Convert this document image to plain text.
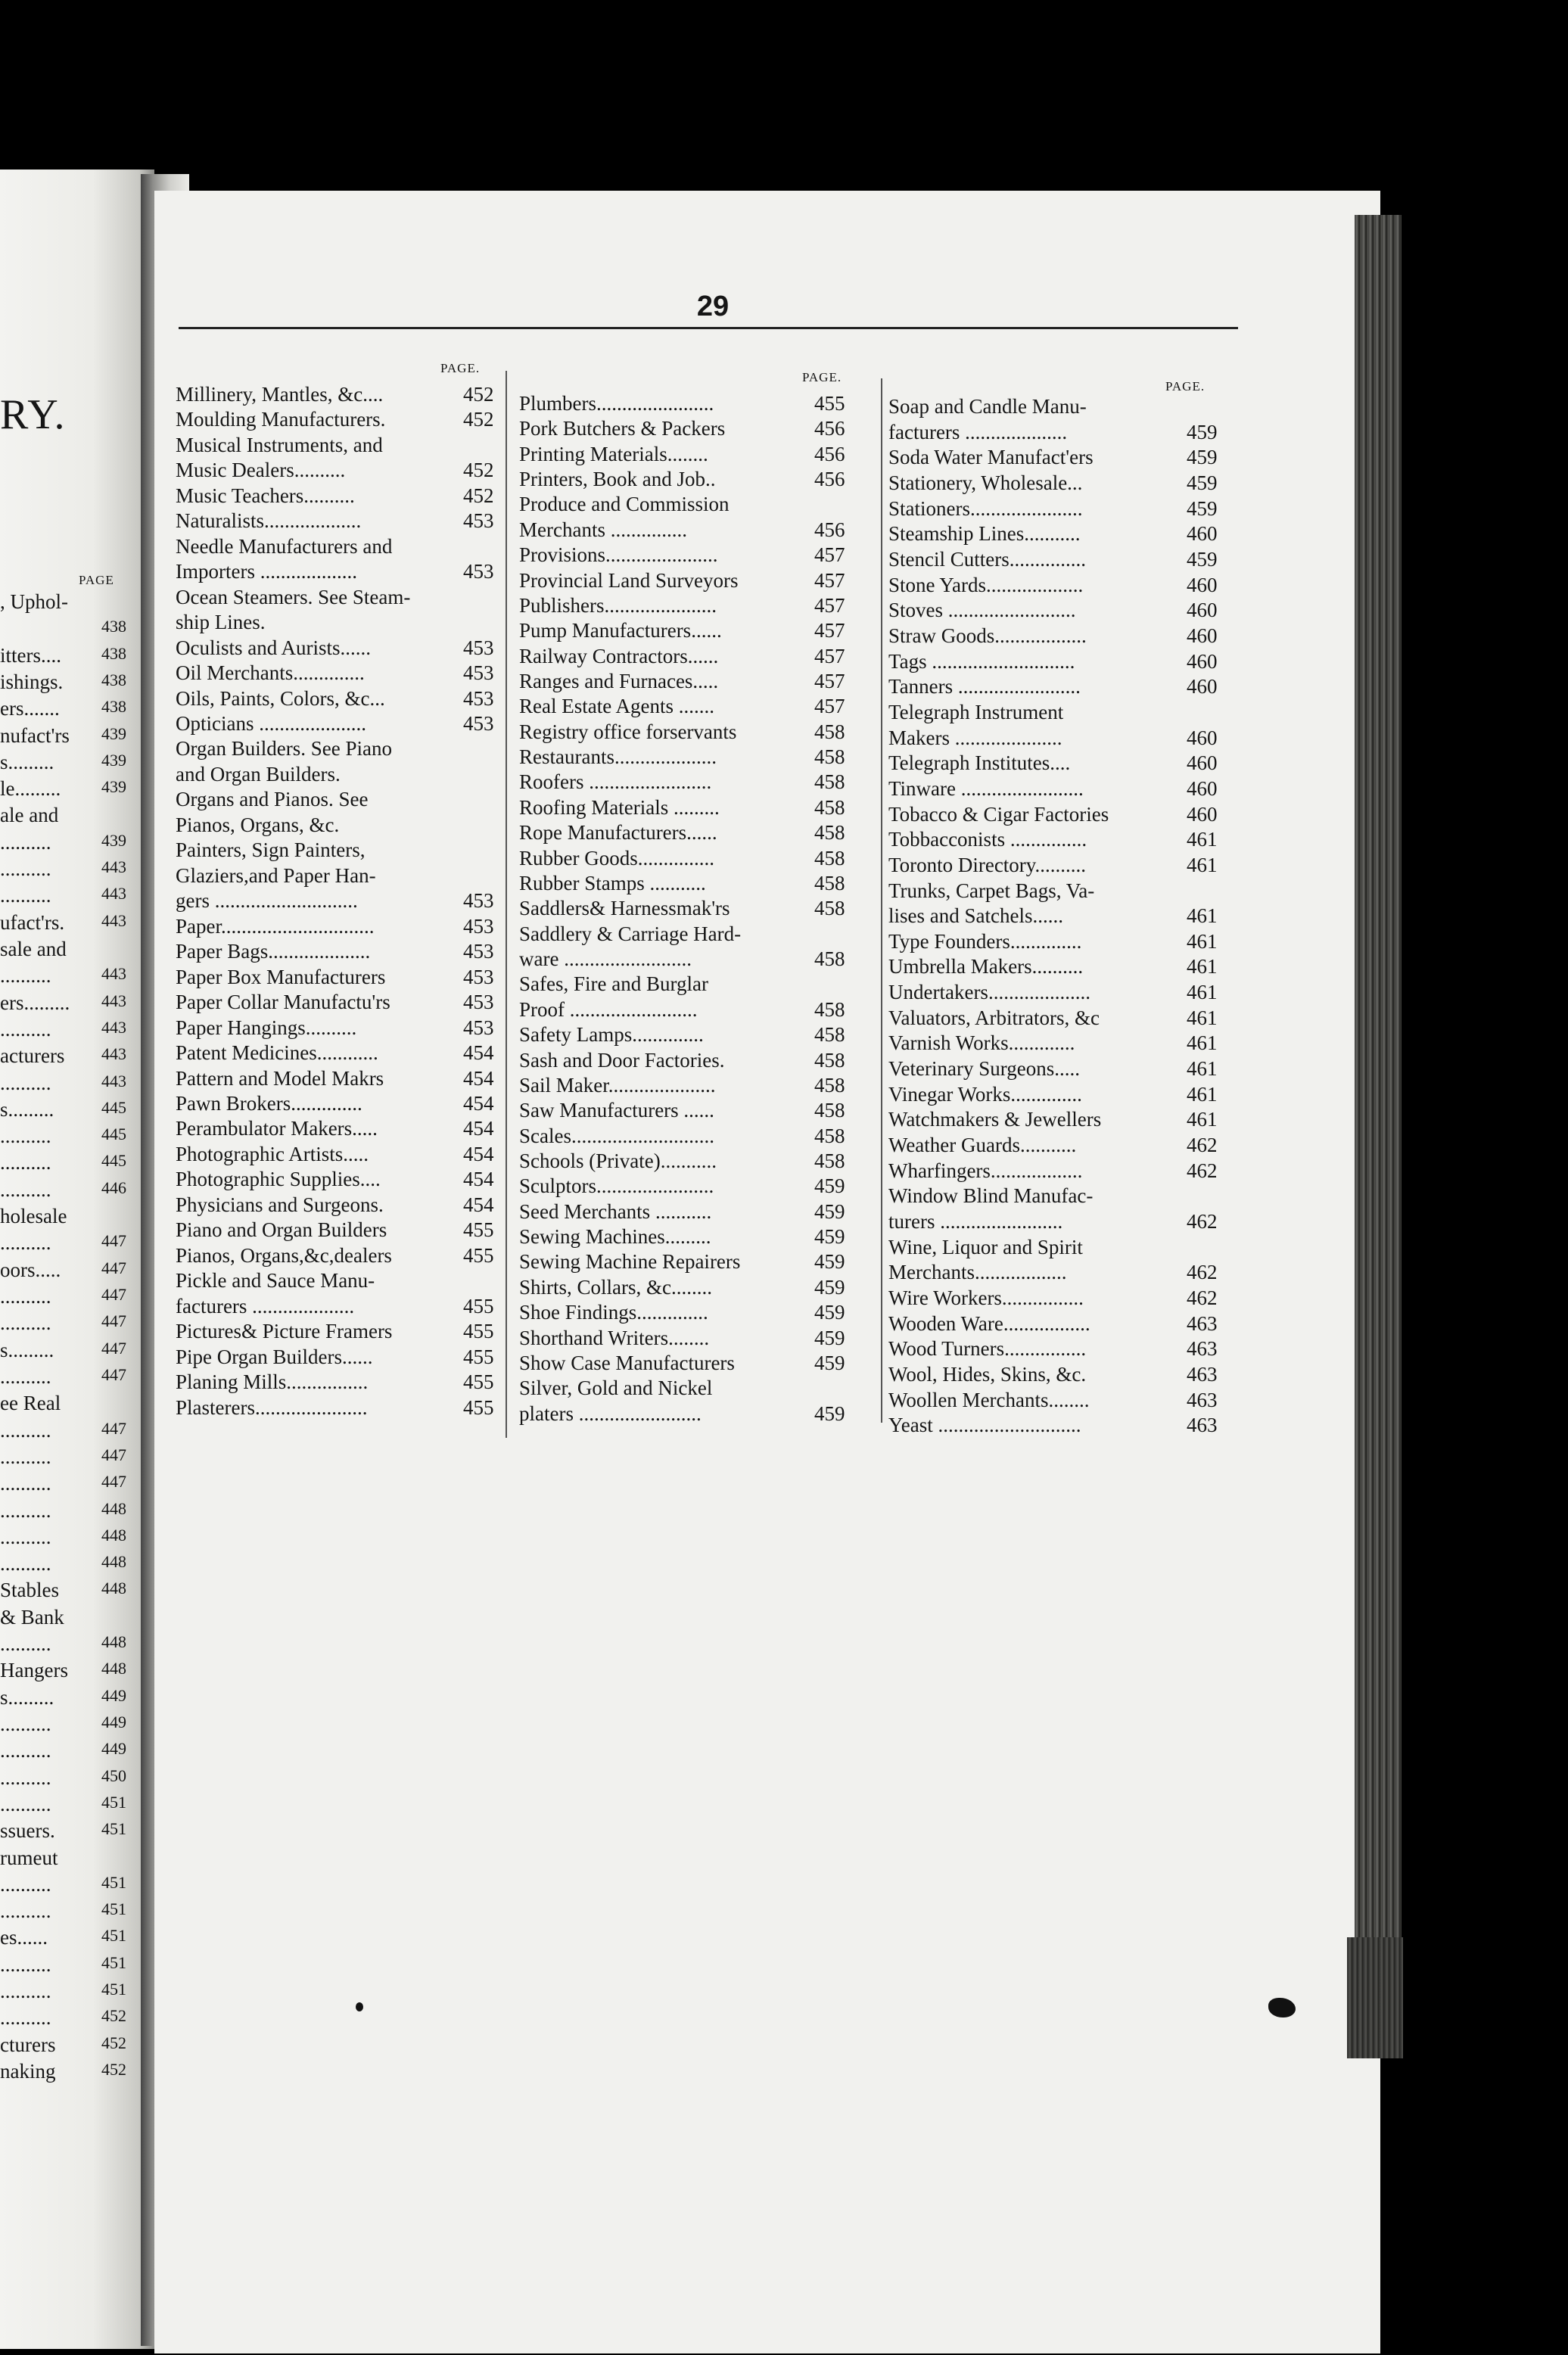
RY.
PAGE
, Uphol-
438
itters.... 438
ishings. 438
ers.......	438
nufact'rs 439
s.........	439
le......... 439
ale and
..........	439
..........	443
..........	443
ufact'rs. 443
sale and
..........	443
ers......... 443
..........	443
acturers 443
..........	443
s.........	445
..........	445
..........	445
..........	446
holesale
..........	447
oors..... 447
..........	447
..........	447
s.........	447
..........	447
ee Real
..........	447
..........	447
..........	447
..........	448
..........	448
..........	448
Stables	448
& Bank
..........	448
Hangers 448
s.........	449
..........	449
..........	449
..........	450
..........	451
ssuers.	451
rumeut
..........	451
..........	451
es......	451
..........	451
..........	451
..........	452
cturers	452
naking	452
29
PAGE.
PAGE.
PAGE.
Millinery, Mantles, &c....	452
Moulding Manufacturers.	452
Musical Instruments, and
Music Dealers..........	452
Music Teachers..........	452
Naturalists...................	453
Needle Manufacturers and
Importers ...................	453
Ocean Steamers. See Steam-
ship Lines.
Oculists and Aurists......	453
Oil Merchants..............	453
Oils, Paints, Colors, &c...	453
Opticians .....................	453
Organ Builders. See Piano
and Organ Builders.
Organs and Pianos. See
Pianos, Organs, &c.
Painters, Sign Painters,
Glaziers,and Paper Han-
gers ............................	453
Paper..............................	453
Paper Bags....................	453
Paper Box Manufacturers	453
Paper Collar Manufactu'rs	453
Paper Hangings..........	453
Patent Medicines............	454
Pattern and Model Makrs	454
Pawn Brokers..............	454
Perambulator Makers.....	454
Photographic Artists.....	454
Photographic Supplies....	454
Physicians and Surgeons.	454
Piano and Organ Builders	455
Pianos, Organs,&c,dealers	455
Pickle and Sauce Manu-
facturers ....................	455
Pictures& Picture Framers	455
Pipe Organ Builders......	455
Planing Mills................	455
Plasterers......................	455
Plumbers.......................	455
Pork Butchers & Packers	456
Printing Materials........	456
Printers, Book and Job..	456
Produce and Commission
Merchants ...............	456
Provisions......................	457
Provincial Land Surveyors	457
Publishers......................	457
Pump Manufacturers......	457
Railway Contractors......	457
Ranges and Furnaces.....	457
Real Estate Agents .......	457
Registry office forservants	458
Restaurants....................	458
Roofers ........................	458
Roofing Materials .........	458
Rope Manufacturers......	458
Rubber Goods...............	458
Rubber Stamps ...........	458
Saddlers& Harnessmak'rs	458
Saddlery & Carriage Hard-
ware .........................	458
Safes, Fire and Burglar
Proof .........................	458
Safety Lamps..............	458
Sash and Door Factories.	458
Sail Maker.....................	458
Saw Manufacturers ......	458
Scales............................	458
Schools (Private)...........	458
Sculptors.......................	459
Seed Merchants ...........	459
Sewing Machines.........	459
Sewing Machine Repairers	459
Shirts, Collars, &c........	459
Shoe Findings..............	459
Shorthand Writers........	459
Show Case Manufacturers	459
Silver, Gold and Nickel
platers ........................	459
Soap and Candle Manu-
facturers ....................	459
Soda Water Manufact'ers	459
Stationery, Wholesale...	459
Stationers......................	459
Steamship Lines...........	460
Stencil Cutters...............	459
Stone Yards...................	460
Stoves .........................	460
Straw Goods..................	460
Tags ............................	460
Tanners ........................	460
Telegraph Instrument
Makers .....................	460
Telegraph Institutes....	460
Tinware ........................	460
Tobacco & Cigar Factories	460
Tobbacconists ...............	461
Toronto Directory..........	461
Trunks, Carpet Bags, Va-
lises and Satchels......	461
Type Founders..............	461
Umbrella Makers..........	461
Undertakers....................	461
Valuators, Arbitrators, &c	461
Varnish Works.............	461
Veterinary Surgeons.....	461
Vinegar Works..............	461
Watchmakers & Jewellers	461
Weather Guards...........	462
Wharfingers..................	462
Window Blind Manufac-
turers ........................	462
Wine, Liquor and Spirit
Merchants..................	462
Wire Workers................	462
Wooden Ware.................	463
Wood Turners................	463
Wool, Hides, Skins, &c.	463
Woollen Merchants........	463
Yeast ............................	463
